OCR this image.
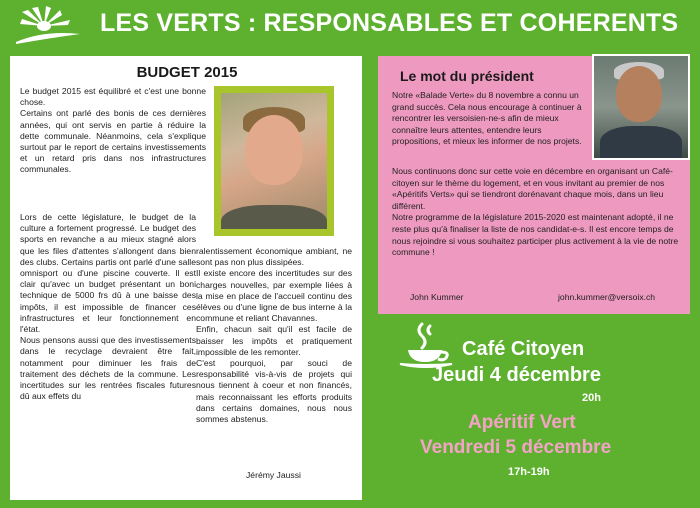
LES VERTS : RESPONSABLES ET COHERENTS
BUDGET 2015

Le budget 2015 est équilibré et c'est une bonne chose.

Certains ont parlé des bonis de ces dernières années, qui ont servis en partie à réduire la dette communale. Néanmoins, cela s'explique surtout par le report de certains investissements et un retard pris dans nos infrastructures communales.

Lors de cette législature, le budget de la culture a fortement progressé. Le budget des sports en revanche a au mieux stagné alors que les files d'attentes s'allongent dans bien des clubs. Certains partis ont parlé d'une salle omnisport ou d'une piscine couverte. Il est clair qu'avec un budget présentant un boni technique de 5000 frs dû à une baisse des impôts, il est impossible de financer ces infrastructures et leur fonctionnement en l'état.

Nous pensons aussi que des investissements dans le recyclage devraient être fait, notamment pour diminuer les frais de traitement des déchets de la commune. Les incertitudes sur les rentrées fiscales futures dû aux effets du

ralentissement économique ambiant, ne sont pas non plus dissipées.

Il existe encore des incertitudes sur des charges nouvelles, par exemple liées à la mise en place de l'accueil continu des élèves ou d'une ligne de bus interne à la commune et reliant Chavannes.

Enfin, chacun sait qu'il est facile de baisser les impôts et pratiquement impossible de les remonter.

C'est pourquoi, par souci de responsabilité vis-à-vis de projets qui nous tiennent à coeur et non financés, mais reconnaissant les efforts produits dans certains domaines, nous nous sommes abstenus.

Jérémy Jaussi
Le mot du président

Notre «Balade Verte» du 8 novembre a connu un grand succès. Cela nous encourage à continuer à rencontrer les versoisien-ne-s afin de mieux connaître leurs attentes, entendre leurs propositions, et mieux les informer de nos projets.

Nous continuons donc sur cette voie en décembre en organisant un Café-citoyen sur le thème du logement, et en vous invitant au premier de nos «Apéritifs Verts» qui se tiendront dorénavant chaque mois, dans un lieu différent.

Notre programme de la législature 2015-2020 est maintenant adopté, il ne reste plus qu'à finaliser la liste de nos candidat-e-s. Il est encore temps de nous rejoindre si vous souhaitez participer plus activement à la vie de notre commune !

John Kummer	john.kummer@versoix.ch
Café Citoyen
Jeudi 4 décembre
20h
Apéritif Vert
Vendredi 5 décembre
17h-19h
